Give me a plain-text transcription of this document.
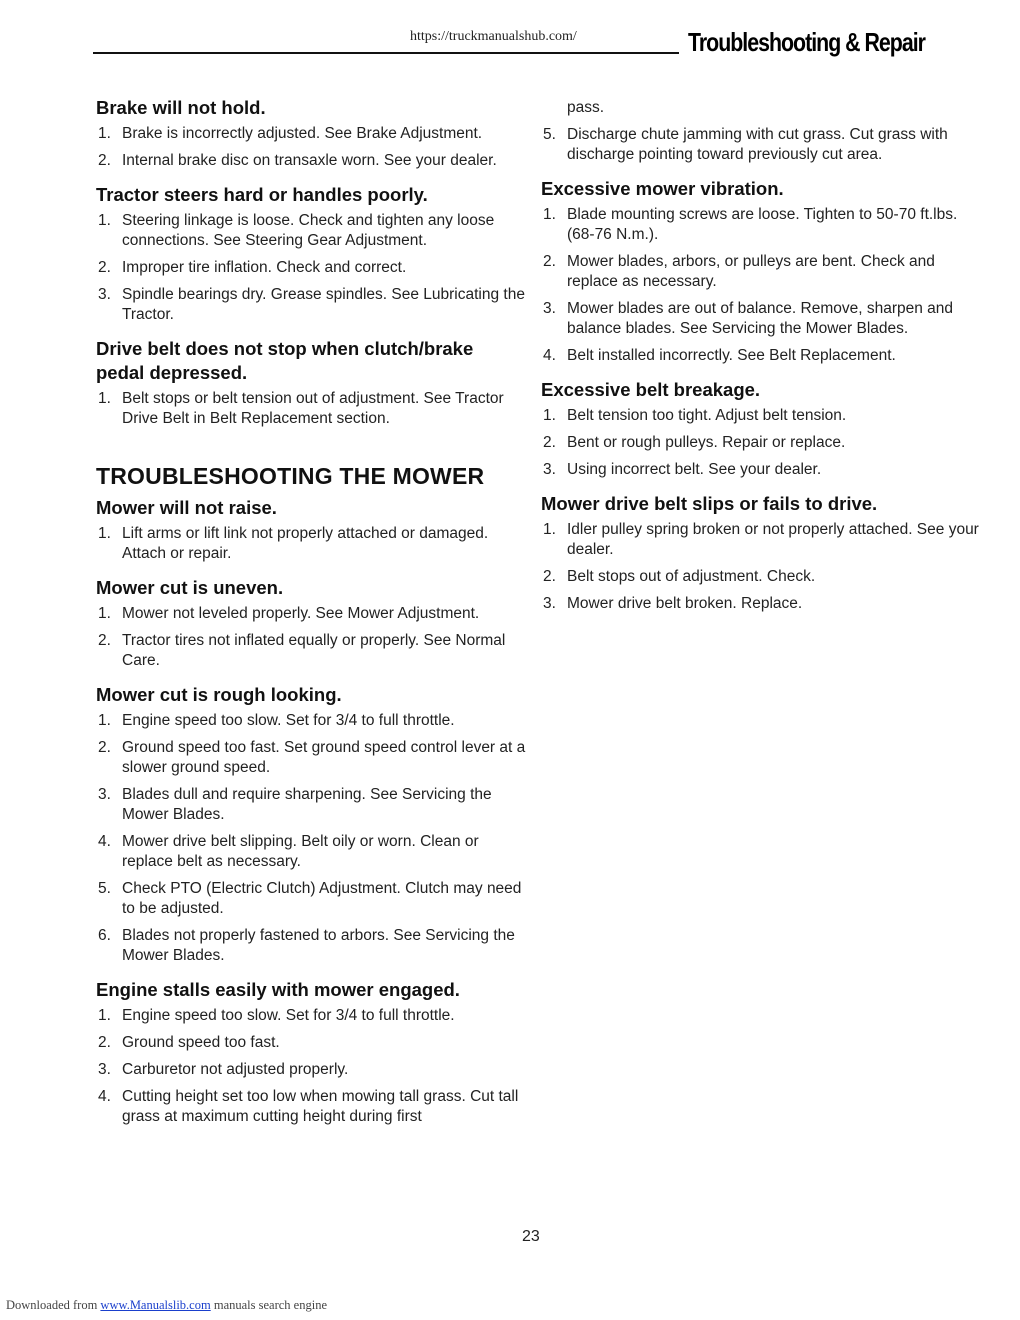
https://truckmanualshub.com/	Troubleshooting & Repair
Brake will not hold.
1. Brake is incorrectly adjusted. See Brake Adjustment.
2. Internal brake disc on transaxle worn. See your dealer.
Tractor steers hard or handles poorly.
1. Steering linkage is loose. Check and tighten any loose connections. See Steering Gear Adjustment.
2. Improper tire inflation. Check and correct.
3. Spindle bearings dry. Grease spindles. See Lubricating the Tractor.
Drive belt does not stop when clutch/brake pedal depressed.
1. Belt stops or belt tension out of adjustment. See Tractor Drive Belt in Belt Replacement section.
TROUBLESHOOTING THE MOWER
Mower will not raise.
1. Lift arms or lift link not properly attached or damaged. Attach or repair.
Mower cut is uneven.
1. Mower not leveled properly. See Mower Adjustment.
2. Tractor tires not inflated equally or properly. See Normal Care.
Mower cut is rough looking.
1. Engine speed too slow. Set for 3/4 to full throttle.
2. Ground speed too fast. Set ground speed control lever at a slower ground speed.
3. Blades dull and require sharpening. See Servicing the Mower Blades.
4. Mower drive belt slipping. Belt oily or worn. Clean or replace belt as necessary.
5. Check PTO (Electric Clutch) Adjustment. Clutch may need to be adjusted.
6. Blades not properly fastened to arbors. See Servicing the Mower Blades.
Engine stalls easily with mower engaged.
1. Engine speed too slow. Set for 3/4 to full throttle.
2. Ground speed too fast.
3. Carburetor not adjusted properly.
4. Cutting height set too low when mowing tall grass. Cut tall grass at maximum cutting height during first
pass.
5. Discharge chute jamming with cut grass. Cut grass with discharge pointing toward previously cut area.
Excessive mower vibration.
1. Blade mounting screws are loose. Tighten to 50-70 ft.lbs. (68-76 N.m.).
2. Mower blades, arbors, or pulleys are bent. Check and replace as necessary.
3. Mower blades are out of balance. Remove, sharpen and balance blades. See Servicing the Mower Blades.
4. Belt installed incorrectly. See Belt Replacement.
Excessive belt breakage.
1. Belt tension too tight. Adjust belt tension.
2. Bent or rough pulleys. Repair or replace.
3. Using incorrect belt. See your dealer.
Mower drive belt slips or fails to drive.
1. Idler pulley spring broken or not properly attached. See your dealer.
2. Belt stops out of adjustment. Check.
3. Mower drive belt broken. Replace.
23
Downloaded from www.Manualslib.com manuals search engine
